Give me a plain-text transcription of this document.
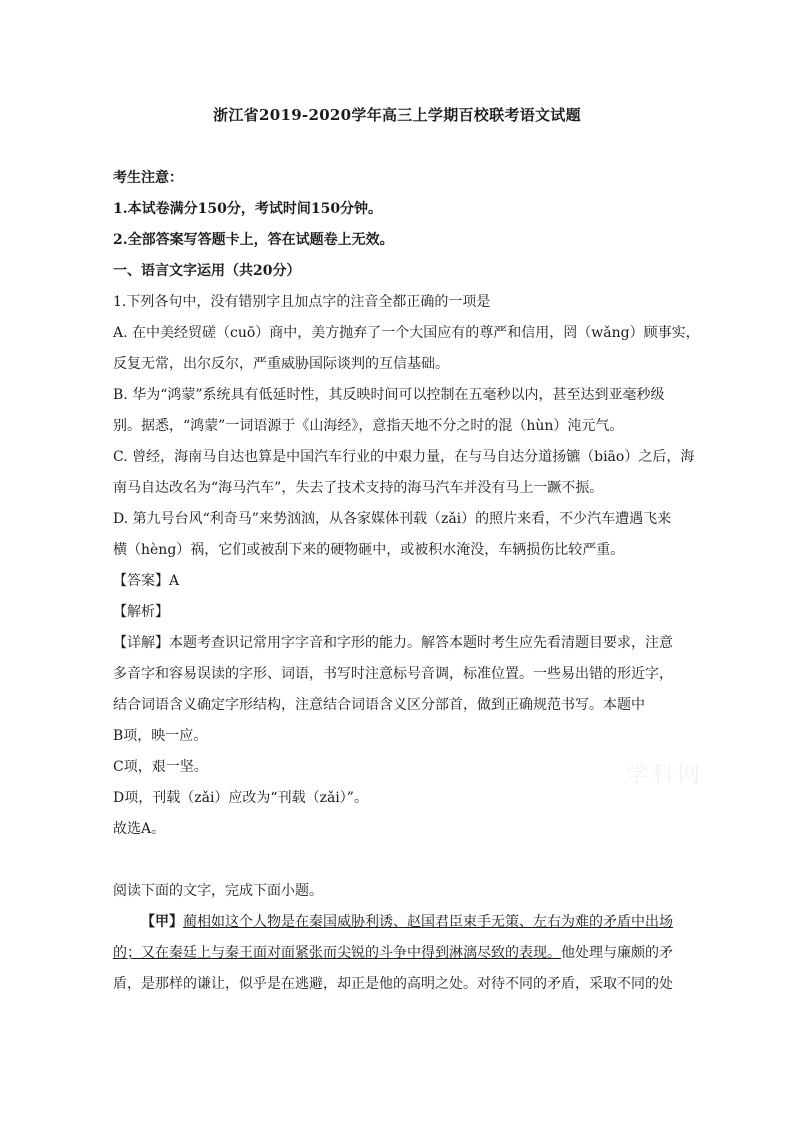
浙江省2019-2020学年高三上学期百校联考语文试题
考生注意：
1.本试卷满分150分，考试时间150分钟。
2.全部答案写答题卡上，答在试题卷上无效。
一、语言文字运用（共20分）
1.下列各句中，没有错别字且加点字的注音全都正确的一项是
A. 在中美经贸磋（cuō）商中，美方抛弃了一个大国应有的尊严和信用，罔（wǎng）顾事实，
反复无常，出尔反尔，严重威胁国际谈判的互信基础。
B. 华为“鸿蒙”系统具有低延时性，其反映时间可以控制在五毫秒以内，甚至达到亚毫秒级
别。据悉，“鸿蒙”一词语源于《山海经》，意指天地不分之时的混（hùn）沌元气。
C. 曾经，海南马自达也算是中国汽车行业的中艰力量，在与马自达分道扬镳（biāo）之后，海
南马自达改名为“海马汽车”，失去了技术支持的海马汽车并没有马上一蹶不振。
D. 第九号台风“利奇马”来势汹汹，从各家媒体刊载（zǎi）的照片来看，不少汽车遭遇飞来
横（hèng）祸，它们或被刮下来的硬物砸中，或被积水淹没，车辆损伤比较严重。
【答案】A
【解析】
【详解】本题考查识记常用字字音和字形的能力。解答本题时考生应先看清题目要求，注意
多音字和容易误读的字形、词语，书写时注意标号音调，标准位置。一些易出错的形近字，
结合词语含义确定字形结构，注意结合词语含义区分部首，做到正确规范书写。本题中
B项，映一应。
C项，艰一坚。
D项，刊载（zǎi）应改为“刊载（zǎi）”。
故选A。
阅读下面的文字，完成下面小题。
【甲】蔺相如这个人物是在秦国威胁利诱、赵国君臣束手无策、左右为难的矛盾中出场
的；又在秦廷上与秦王面对面紧张而尖锐的斗争中得到淋漓尽致的表现。他处理与廉颇的矛
盾，是那样的谦让，似乎是在逃避，却正是他的高明之处。对待不同的矛盾，采取不同的处
学科网
